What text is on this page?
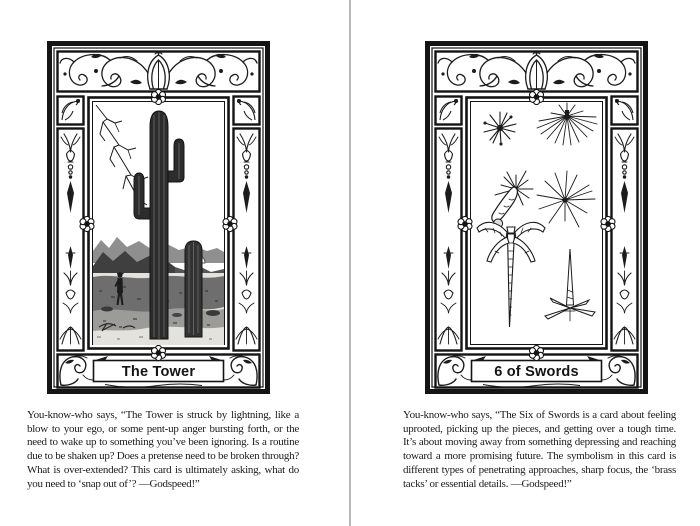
The Tower

You-know-who says, “The Tower is struck by lightning, like a blow to your ego, or some pent-up anger bursting forth, or the need to wake up to something you’ve been ignoring. Is a routine due to be shaken up? Does a pretense need to be broken through? What is over-extended? This card is ultimately asking, what do you need to ‘snap out of’? —Godspeed!”

6 of Swords

You-know-who says, “The Six of Swords is a card about feeling uprooted, picking up the pieces, and getting over a tough time. It’s about moving away from something depressing and reaching toward a more promising future. The symbolism in this card is different types of penetrating approaches, sharp focus, the ‘brass tacks’ or essential details. —Godspeed!”
